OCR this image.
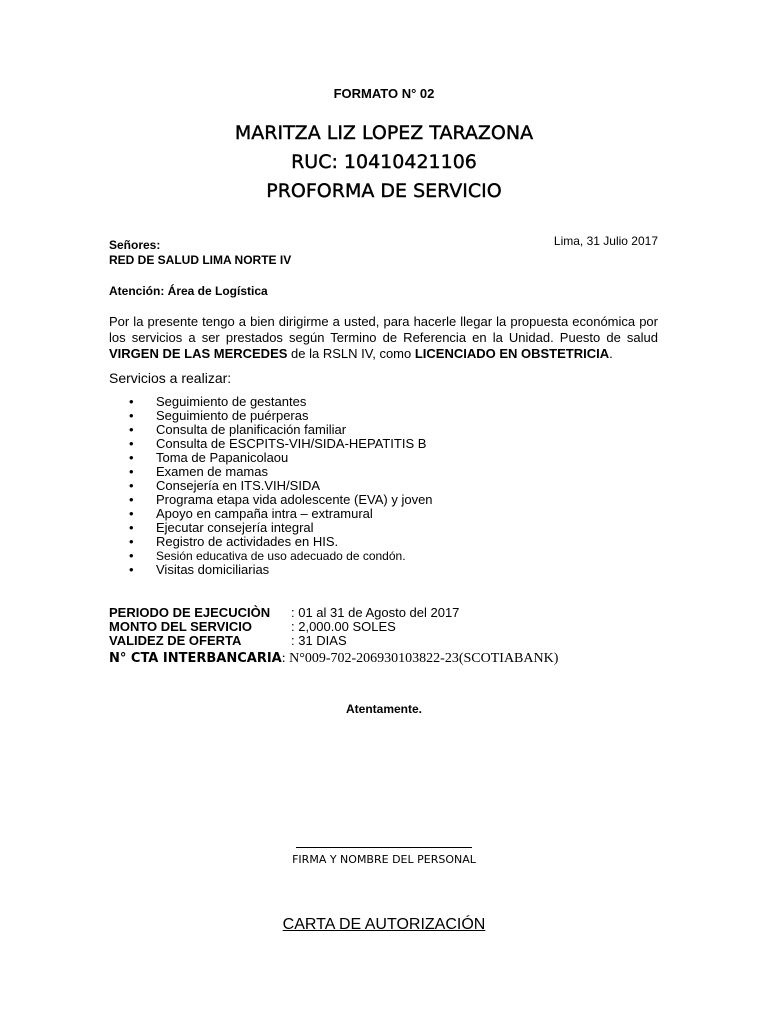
FORMATO N° 02
MARITZA LIZ LOPEZ TARAZONA
RUC: 10410421106
PROFORMA DE SERVICIO
Lima, 31 Julio 2017
Señores:
RED DE SALUD LIMA NORTE IV
Atención: Área de Logística
Por la presente tengo a bien dirigirme a usted, para hacerle llegar la propuesta económica por los servicios a ser prestados según Termino de Referencia en la Unidad. Puesto de salud VIRGEN DE LAS MERCEDES de la RSLN IV, como LICENCIADO EN OBSTETRICIA.
Servicios a realizar:
• Seguimiento de gestantes
• Seguimiento de puérperas
• Consulta de planificación familiar
• Consulta de ESCPITS-VIH/SIDA-HEPATITIS B
• Toma de Papanicolaou
• Examen de mamas
• Consejería en ITS.VIH/SIDA
• Programa etapa vida adolescente (EVA) y joven
• Apoyo en campaña intra – extramural
• Ejecutar consejería integral
• Registro de actividades en HIS.
• Sesión educativa de uso adecuado de condón.
• Visitas domiciliarias
PERIODO DE EJECUCIÒN	: 01 al 31 de Agosto del 2017
MONTO DEL SERVICIO	: 2,000.00 SOLES
VALIDEZ DE OFERTA	: 31 DIAS
N° CTA INTERBANCARIA: N°009-702-206930103822-23(SCOTIABANK)
Atentamente.
FIRMA Y NOMBRE DEL PERSONAL
CARTA DE AUTORIZACIÓN
